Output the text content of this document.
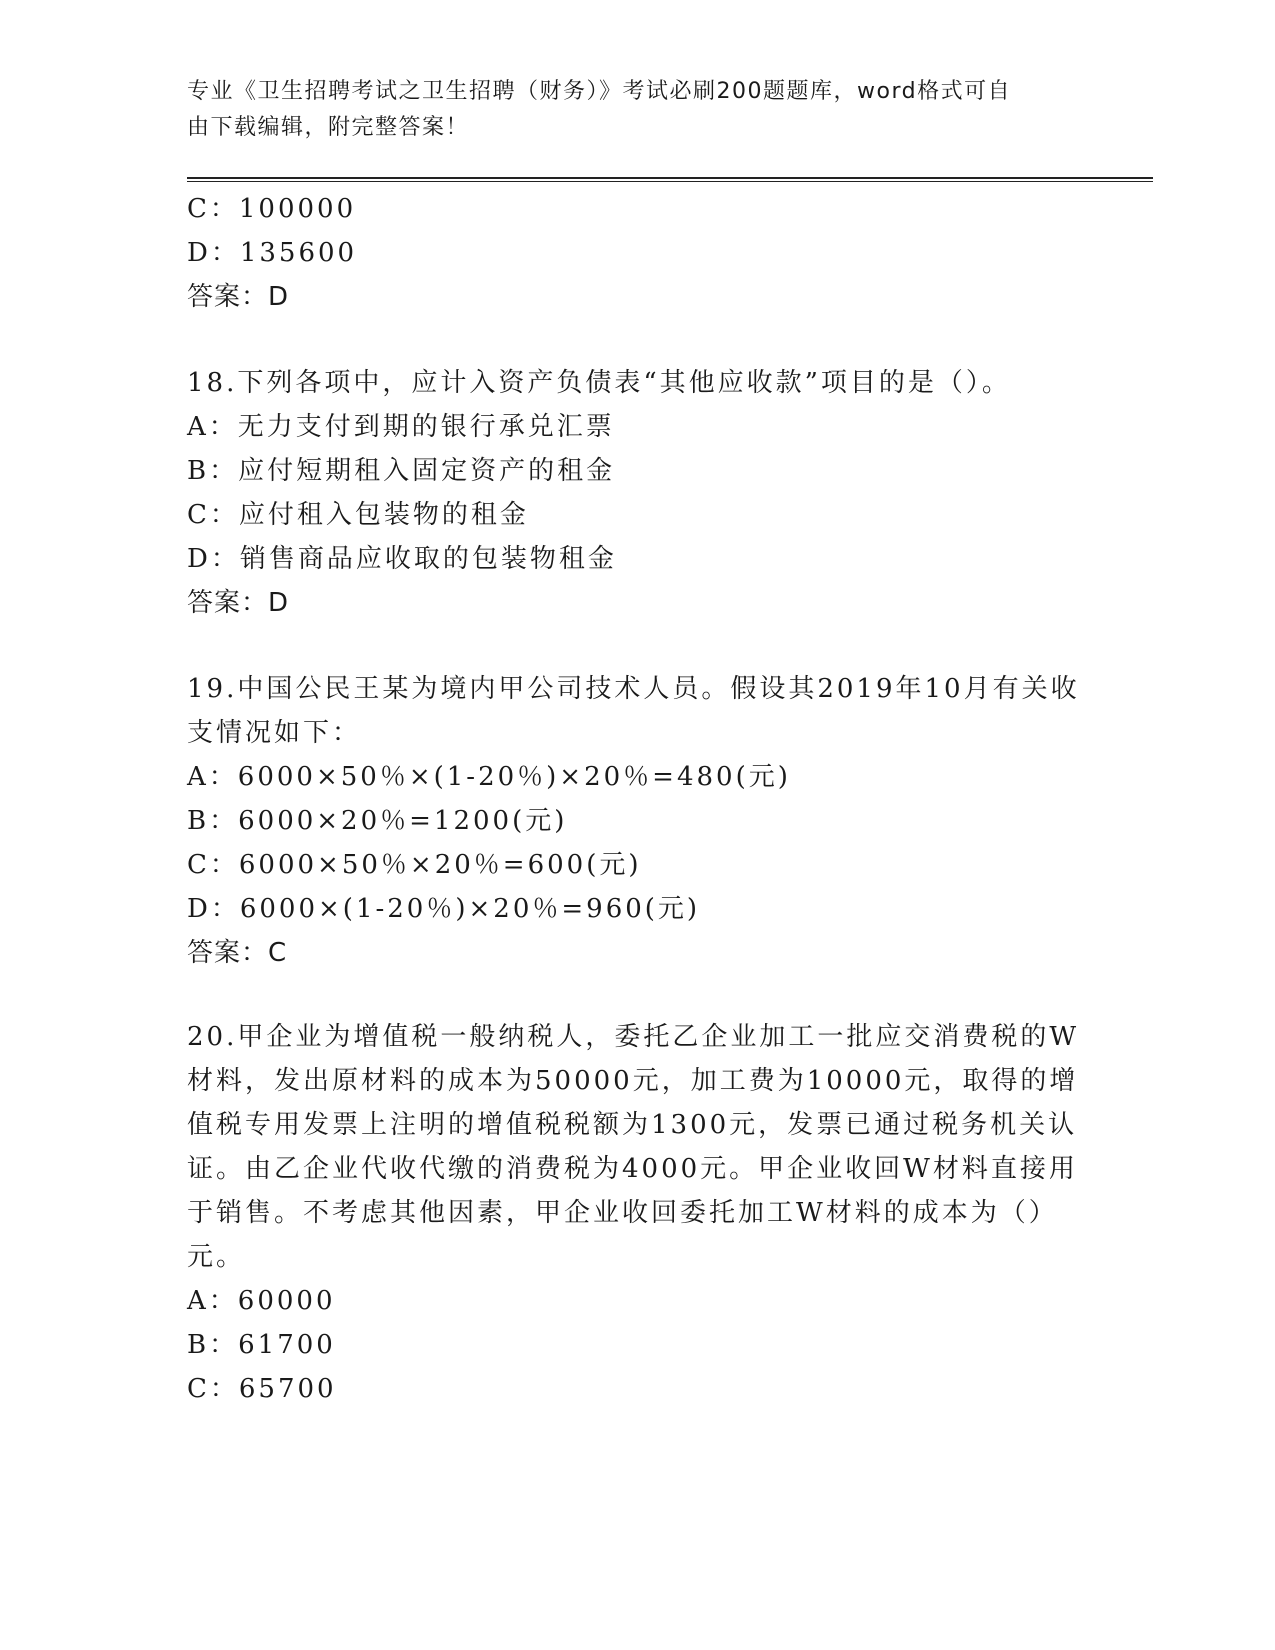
专业《卫生招聘考试之卫生招聘（财务）》考试必刷200题题库，word格式可自
由下载编辑，附完整答案！
C：100000
D：135600
答案：D
18.下列各项中，应计入资产负债表“其他应收款”项目的是（）。
A：无力支付到期的银行承兑汇票
B：应付短期租入固定资产的租金
C：应付租入包装物的租金
D：销售商品应收取的包装物租金
答案：D
19.中国公民王某为境内甲公司技术人员。假设其2019年10月有关收
支情况如下：
A：6000×50％×(1-20％)×20％=480(元)
B：6000×20％=1200(元)
C：6000×50％×20％=600(元)
D：6000×(1-20％)×20％=960(元)
答案：C
20.甲企业为增值税一般纳税人，委托乙企业加工一批应交消费税的W
材料，发出原材料的成本为50000元，加工费为10000元，取得的增
值税专用发票上注明的增值税税额为1300元，发票已通过税务机关认
证。由乙企业代收代缴的消费税为4000元。甲企业收回W材料直接用
于销售。不考虑其他因素，甲企业收回委托加工W材料的成本为（）
元。
A：60000
B：61700
C：65700
